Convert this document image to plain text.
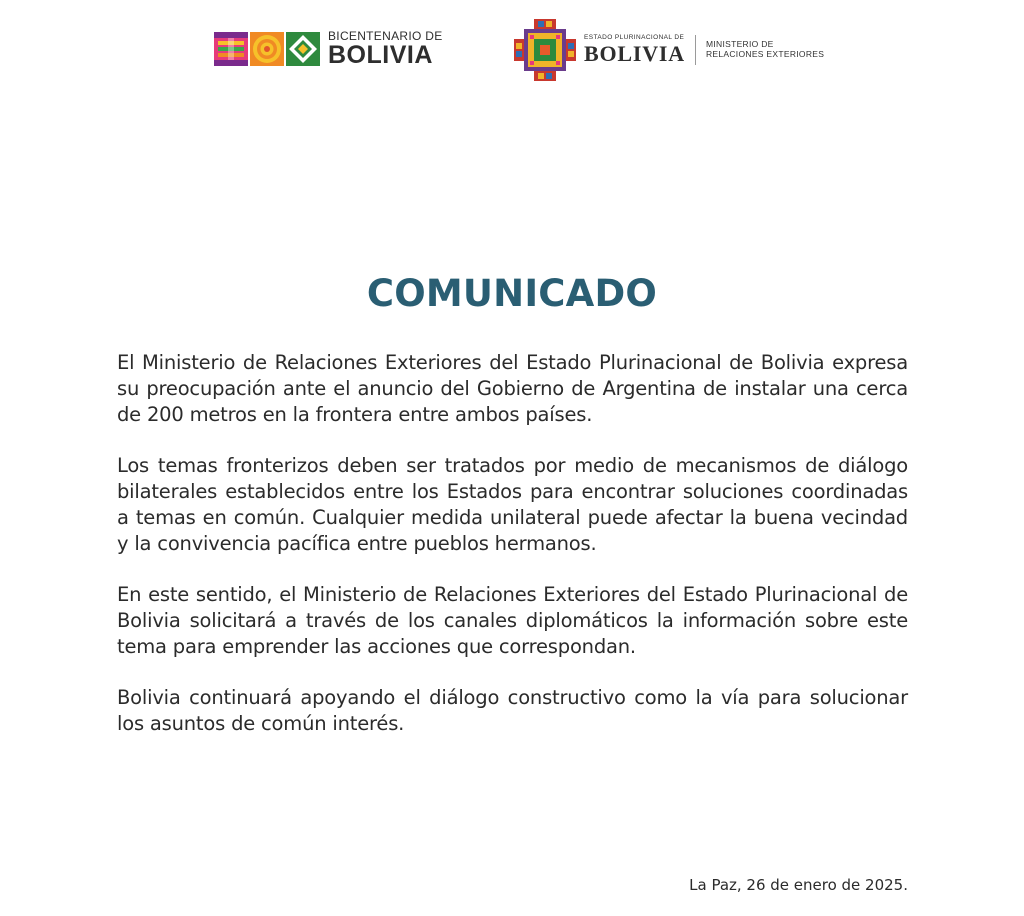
BICENTENARIO DE
BOLIVIA
ESTADO PLURINACIONAL DE
BOLIVIA MINISTERIO DE
RELACIONES EXTERIORES
COMUNICADO

El Ministerio de Relaciones Exteriores del Estado Plurinacional de Bolivia expresa su preocupación ante el anuncio del Gobierno de Argentina de instalar una cerca de 200 metros en la frontera entre ambos países.

Los temas fronterizos deben ser tratados por medio de mecanismos de diálogo bilaterales establecidos entre los Estados para encontrar soluciones coordinadas a temas en común. Cualquier medida unilateral puede afectar la buena vecindad y la convivencia pacífica entre pueblos hermanos.

En este sentido, el Ministerio de Relaciones Exteriores del Estado Plurinacional de Bolivia solicitará a través de los canales diplomáticos la información sobre este tema para emprender las acciones que correspondan.

Bolivia continuará apoyando el diálogo constructivo como la vía para solucionar los asuntos de común interés.

La Paz, 26 de enero de 2025.
